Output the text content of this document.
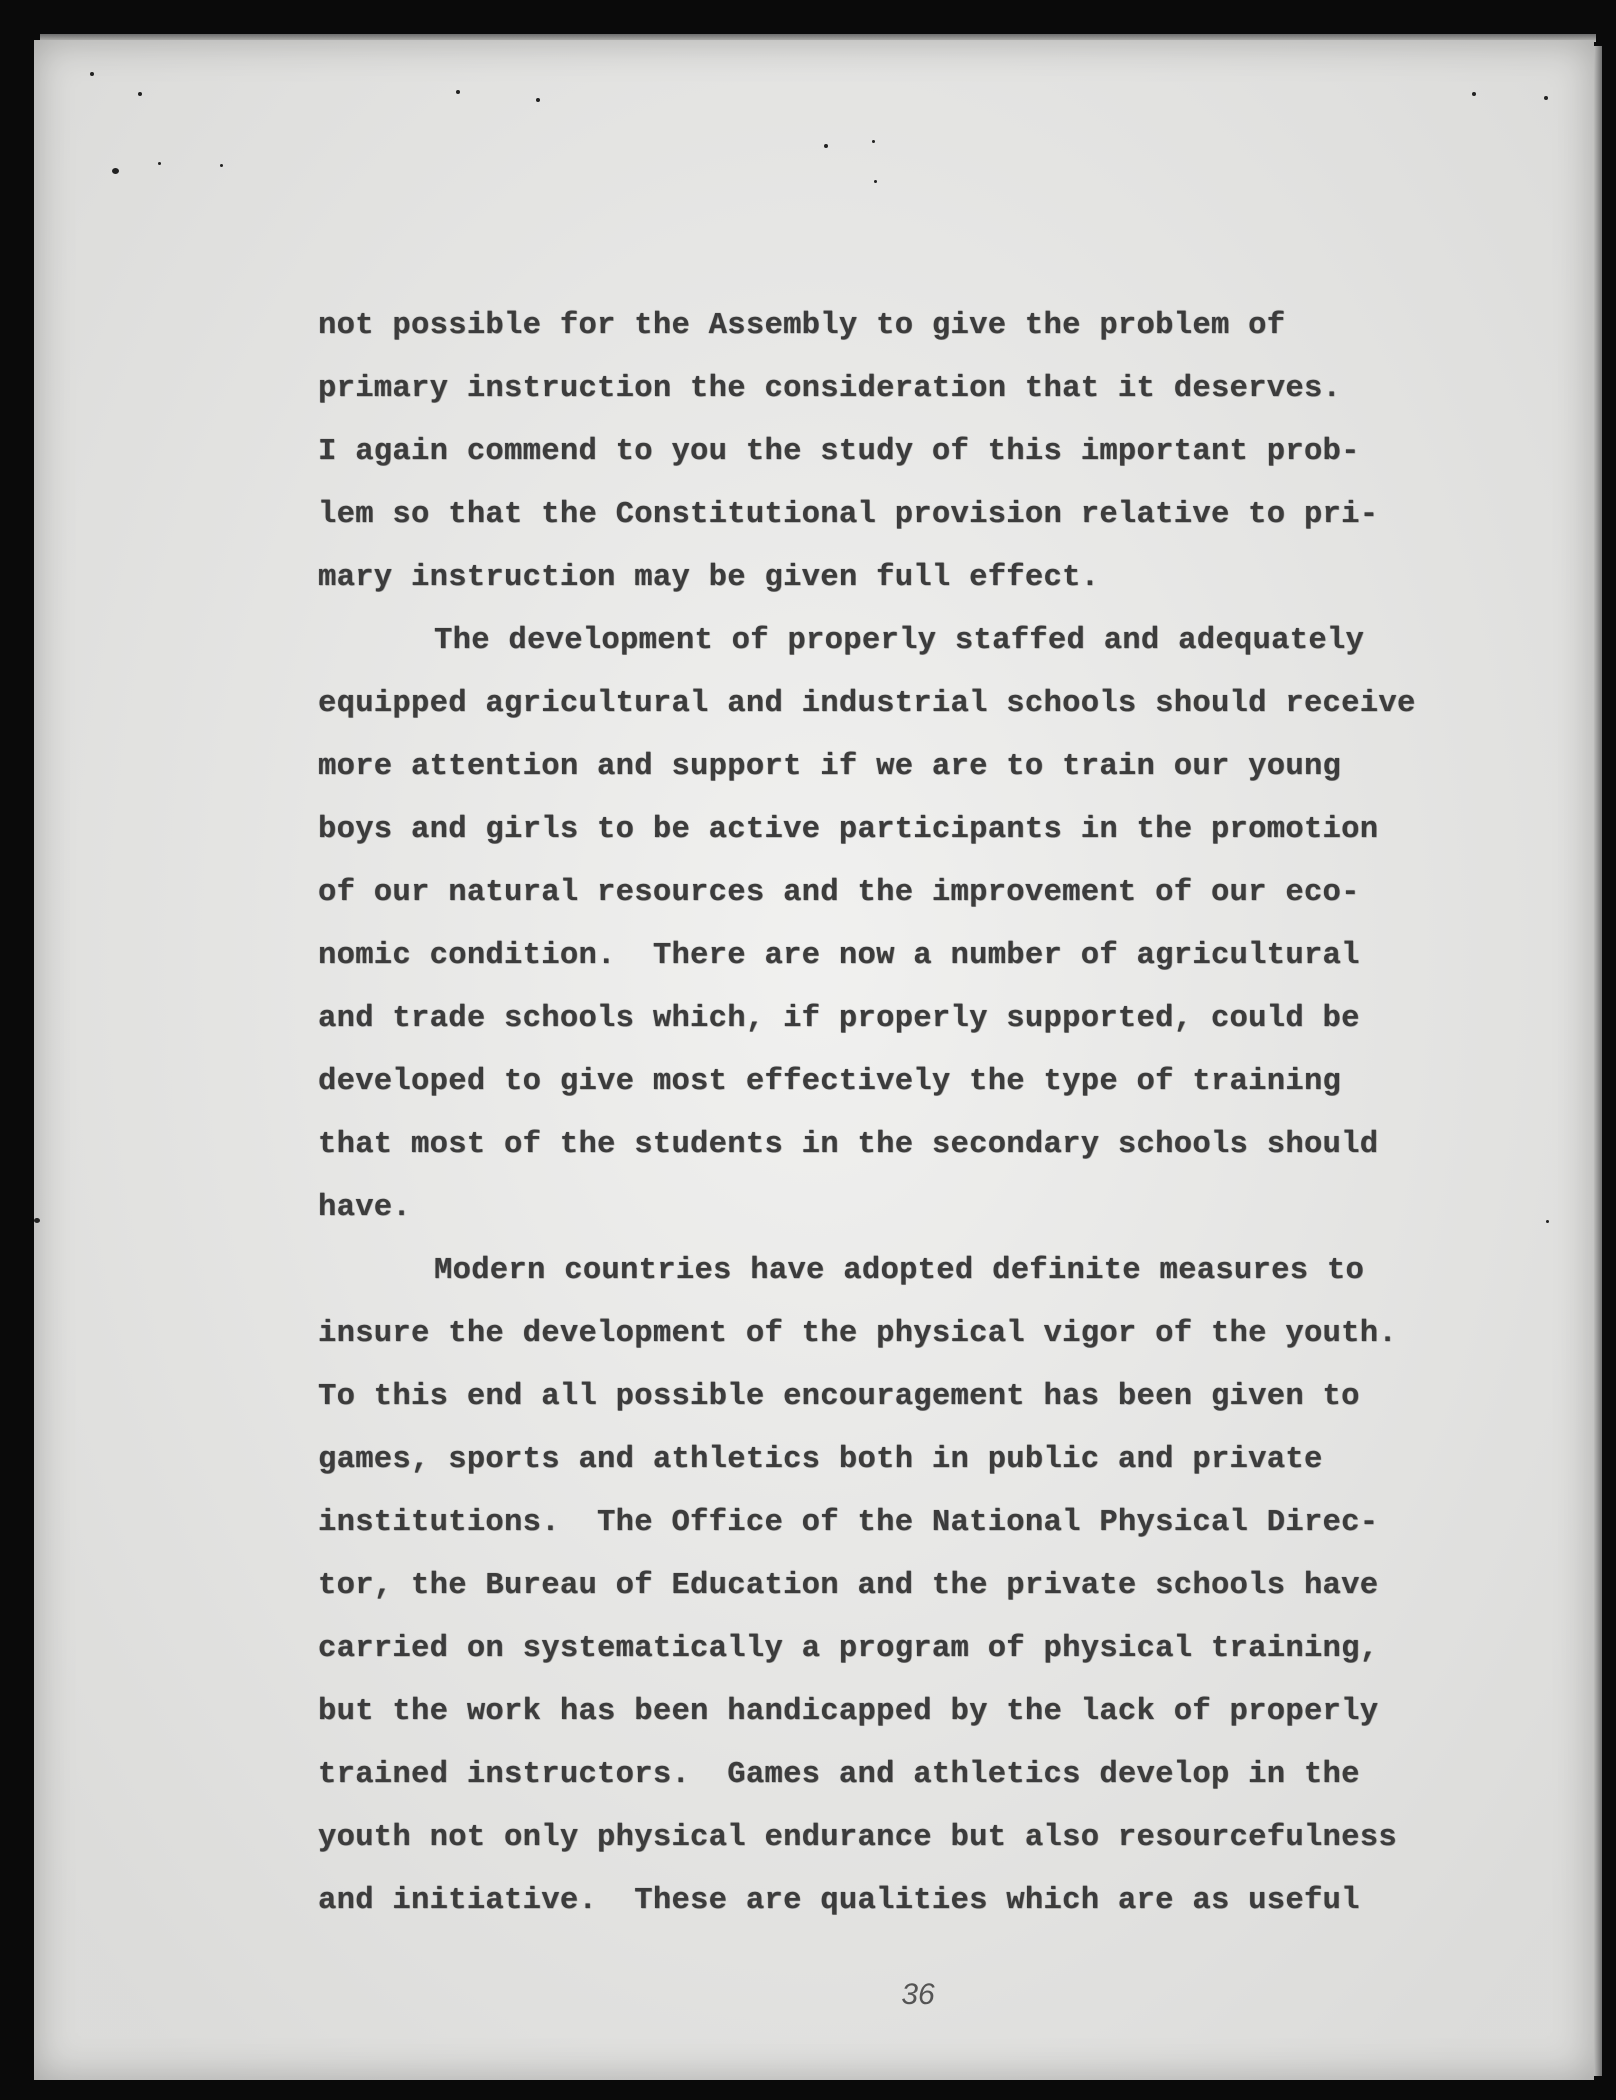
not possible for the Assembly to give the problem of
primary instruction the consideration that it deserves.
I again commend to you the study of this important prob-
lem so that the Constitutional provision relative to pri-
mary instruction may be given full effect.
The development of properly staffed and adequately
equipped agricultural and industrial schools should receive
more attention and support if we are to train our young
boys and girls to be active participants in the promotion
of our natural resources and the improvement of our eco-
nomic condition.  There are now a number of agricultural
and trade schools which, if properly supported, could be
developed to give most effectively the type of training
that most of the students in the secondary schools should
have.
Modern countries have adopted definite measures to
insure the development of the physical vigor of the youth.
To this end all possible encouragement has been given to
games, sports and athletics both in public and private
institutions.  The Office of the National Physical Direc-
tor, the Bureau of Education and the private schools have
carried on systematically a program of physical training,
but the work has been handicapped by the lack of properly
trained instructors.  Games and athletics develop in the
youth not only physical endurance but also resourcefulness
and initiative.  These are qualities which are as useful
36
